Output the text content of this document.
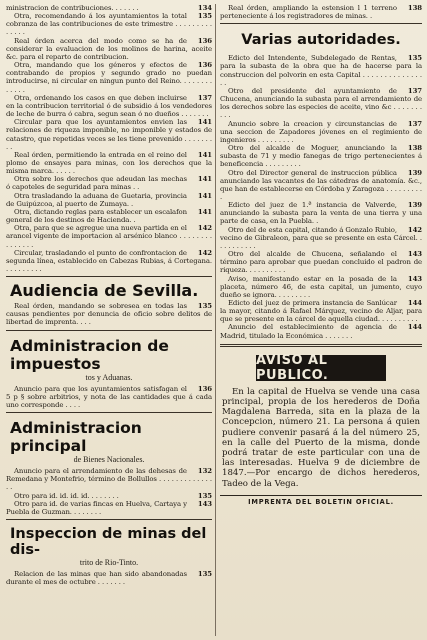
134
ministracion de contribuciones. . . . . . .

135
Otra, recomendando á los ayuntamientos la total cobranza de las contribuciones de este trimestre . . . . . . . . . . . . . .

136
Real órden acerca del modo como se ha de considerar la evaluacion de los molinos de harina, aceite &c. para el reparto de contribucion.

136
Otra, mandando que los géneros y efectos de contrabando de propios y segundo grado no puedan introducirse, ni circular en ningun punto del Reino. . . . . . . . . . . . .

137
Otra, ordenando los casos en que deben incluirse en la contribucion territorial ó de subsidio á los vendedores de leche de burra ó cabra, segun sean ó no dueños . . . . . . .

141
Circular para que los ayuntamientos envien las relaciones de riqueza imponible, no imponible y estados de catastro, que repetidas veces se les tiene prevenido . . . . . . . . .

141
Real órden, permitiendo la entrada en el reino del plomo de ensayes para minas, con los derechos que la misma marca. . . . . .

141
Otra sobre los derechos que adeudan las mechas ó capoteles de seguridad para minas . .

141
Otra trasladando la aduana de Guetaria, provincia de Guipúzcoa, al puerto de Zumaya. .

141
Otra, dictando reglas para establecer un escalafon general de los destinos de Hacienda. .

142
Otra, para que se agregue una nueva partida en el arancel vigente de importacion al arsénico blanco . . . . . . . . . . . . . . .

142
Circular, trasladando el punto de confrontacion de segunda línea, establecido en Cabezas Rubias, á Cortegana. . . . . . . . . .

Audiencia de Sevilla.

135
Real órden, mandando se sobresea en todas las causas pendientes por denuncia de oficio sobre delitos de libertad de imprenta. . . .

Administracion de impuestos
tos y Aduanas.

136
Anuncio para que los ayuntamientos satisfagan el 5 p § sobre arbitrios, y nota de las cantidades que á cada uno corresponde . . . .

Administracion principal
de Bienes Nacionales.

132
Anuncio para el arrendamiento de las dehesas de Remedana y Montefrio, término de Bollullos . . . . . . . . . . . . . . .

135
Otro para id. id. id. id. . . . . . . .

143
Otro para id. de varias fincas en Huelva, Cartaya y Puebla de Guzman. . . . . . . .

Inspeccion de minas del dis-
trito de Rio-Tinto.

135
Relacion de las minas que han sido abandonadas durante el mes de octubre . . . . . . .

138
Real órden, ampliando la estension l 1 terreno perteneciente á los registradores de minas. .

Varias autoridades.

135
Edicto del Intendente, Subdelegado de Rentas, para la subasta de la obra que ha de hacerse para la construccion del polvorin en esta Capital . . . . . . . . . . . . . . . .

137
Otro del presidente del ayuntamiento de Chucena, anunciando la subasta para el arrendamiento de los derechos sobre las especies de aceite, vino &c . . . . . . . . . .

137
Anuncio sobre la creacion y circunstancias de una seccion de Zapadores jóvenes en el regimiento de ingenieros . . . . . . . . .

138
Otro del alcalde de Moguer, anunciando la subasta de 71 y medio fanegas de trigo pertenecientes á beneficencia . . . . . . . . .

139
Otro del Director general de instruccion pública anunciando las vacantes de las cátedras de anatomía. &c., que han de establecerse en Córdoba y Zaragoza . . . . . . . . . .

139
Edicto del juez de 1.ª instancia de Valverde, anunciando la subasta para la venta de una tierra y una parte de casa, en la Puebla. .

142
Otro del de esta capital, citando á Gonzalo Rubio, vecino de Gibraleon, para que se presente en esta Cárcel. . . . . . . . . . .

143
Otro del alcalde de Chucena, señalando el término para aprobar que puedan concluido el padron de riqueza. . . . . . . . . .

143
Aviso, manifestando estar en la posada de la placeta, número 46, de esta capital, un jumento, cuyo dueño se ignora. . . . . . . . .

144
Edicto del juez de primera instancia de Sanlúcar la mayor, citando á Rafael Márquez, vecino de Aljar, para que se presente en la cárcel de aquella ciudad. . . . . . . . . .

144
Anuncio del establecimiento de agencia de Madrid, titulado la Económica . . . . . . .

AVISO AL PUBLICO.

En la capital de Huelva se vende una casa principal, propia de los herederos de Doña Magdalena Barreda, sita en la plaza de la Concepcion, número 21. La persona á quien pudiere convenir pasará á la del número 25, en la calle del Puerto de la misma, donde podrá tratar de este particular con una de las interesadas. Huelva 9 de diciembre de 1847.—Por encargo de dichos herederos, Tadeo de la Vega.

IMPRENTA DEL BOLETIN OFICIAL.
